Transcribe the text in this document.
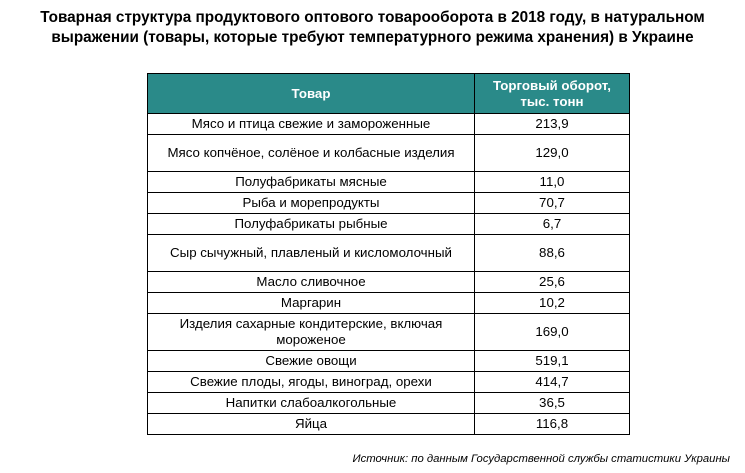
Товарная структура продуктового оптового товарооборота в 2018 году, в натуральном
выражении (товары, которые требуют температурного режима хранения) в Украине
Товар	Торговый оборот, тыс. тонн
Мясо и птица свежие и замороженные	213,9
Мясо копчёное, солёное и колбасные изделия	129,0
Полуфабрикаты мясные	11,0
Рыба и морепродукты	70,7
Полуфабрикаты рыбные	6,7
Сыр сычужный, плавленый и кисломолочный	88,6
Масло сливочное	25,6
Маргарин	10,2
Изделия сахарные кондитерские, включая мороженое	169,0
Свежие овощи	519,1
Свежие плоды, ягоды, виноград, орехи	414,7
Напитки слабоалкогольные	36,5
Яйца	116,8
Источник: по данным Государственной службы статистики Украины
